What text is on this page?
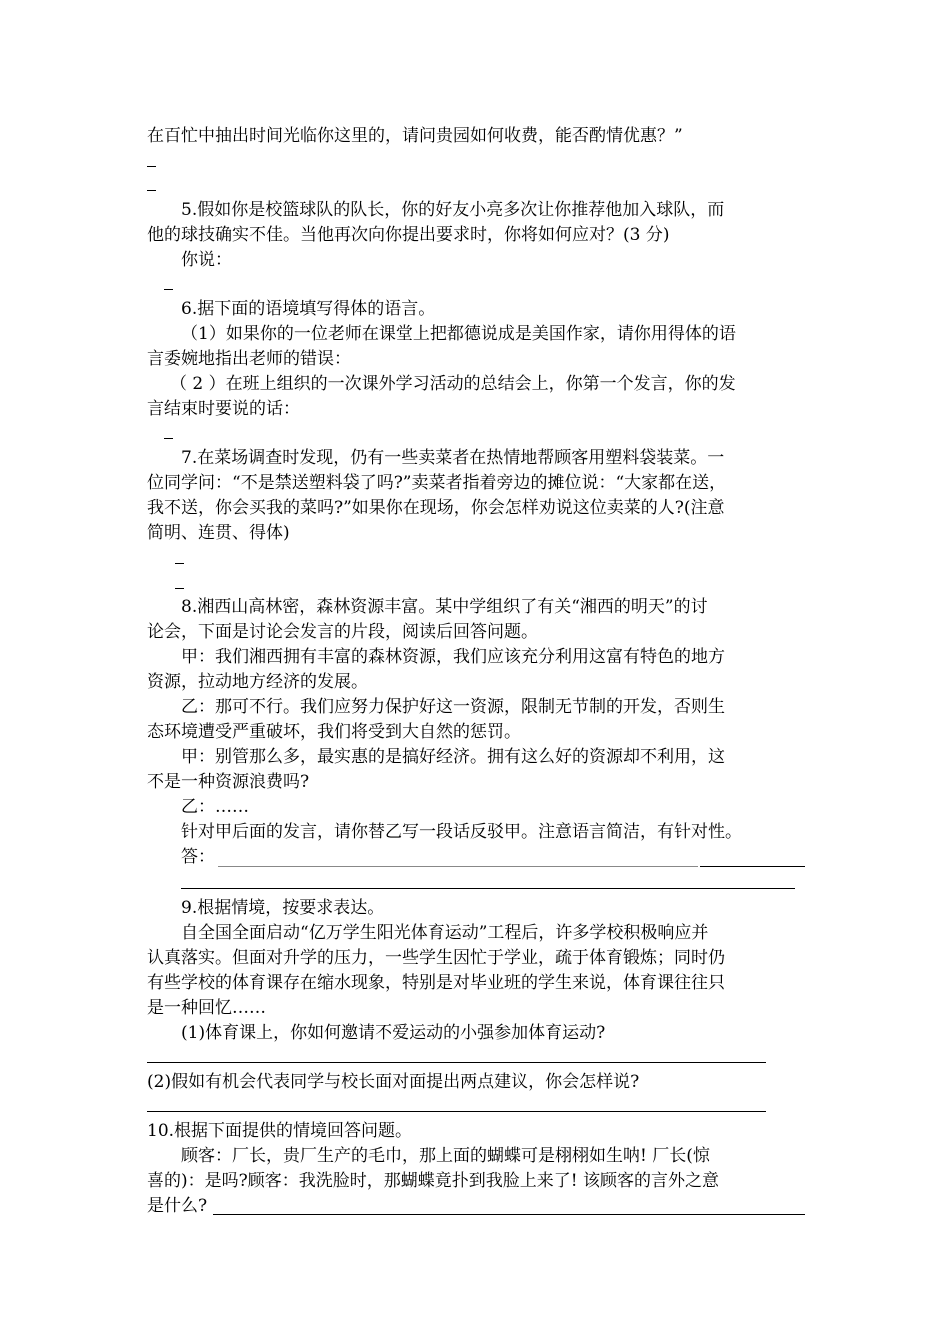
在百忙中抽出时间光临你这里的，请问贵园如何收费，能否酌情优惠？”
5.假如你是校篮球队的队长，你的好友小亮多次让你推荐他加入球队，而
他的球技确实不佳。当他再次向你提出要求时，你将如何应对？(3 分)
你说：
6.据下面的语境填写得体的语言。
（1）如果你的一位老师在课堂上把都德说成是美国作家，请你用得体的语
言委婉地指出老师的错误：
（ 2 ）在班上组织的一次课外学习活动的总结会上，你第一个发言，你的发
言结束时要说的话：
7.在菜场调查时发现，仍有一些卖菜者在热情地帮顾客用塑料袋装菜。一
位同学问：“不是禁送塑料袋了吗?”卖菜者指着旁边的摊位说：“大家都在送，
我不送，你会买我的菜吗?”如果你在现场，你会怎样劝说这位卖菜的人?(注意
简明、连贯、得体)
8.湘西山高林密，森林资源丰富。某中学组织了有关“湘西的明天”的讨
论会，下面是讨论会发言的片段，阅读后回答问题。
甲：我们湘西拥有丰富的森林资源，我们应该充分利用这富有特色的地方
资源，拉动地方经济的发展。
乙：那可不行。我们应努力保护好这一资源，限制无节制的开发，否则生
态环境遭受严重破坏，我们将受到大自然的惩罚。
甲：别管那么多，最实惠的是搞好经济。拥有这么好的资源却不利用，这
不是一种资源浪费吗?
乙：……
针对甲后面的发言，请你替乙写一段话反驳甲。注意语言简洁，有针对性。
答：
9.根据情境，按要求表达。
自全国全面启动“亿万学生阳光体育运动”工程后，许多学校积极响应并
认真落实。但面对升学的压力，一些学生因忙于学业，疏于体育锻炼；同时仍
有些学校的体育课存在缩水现象，特别是对毕业班的学生来说，体育课往往只
是一种回忆……
(1)体育课上，你如何邀请不爱运动的小强参加体育运动?
(2)假如有机会代表同学与校长面对面提出两点建议，你会怎样说?
10.根据下面提供的情境回答问题。
顾客：厂长，贵厂生产的毛巾，那上面的蝴蝶可是栩栩如生呐! 厂长(惊
喜的)：是吗?顾客：我洗脸时，那蝴蝶竟扑到我脸上来了! 该顾客的言外之意
是什么?
